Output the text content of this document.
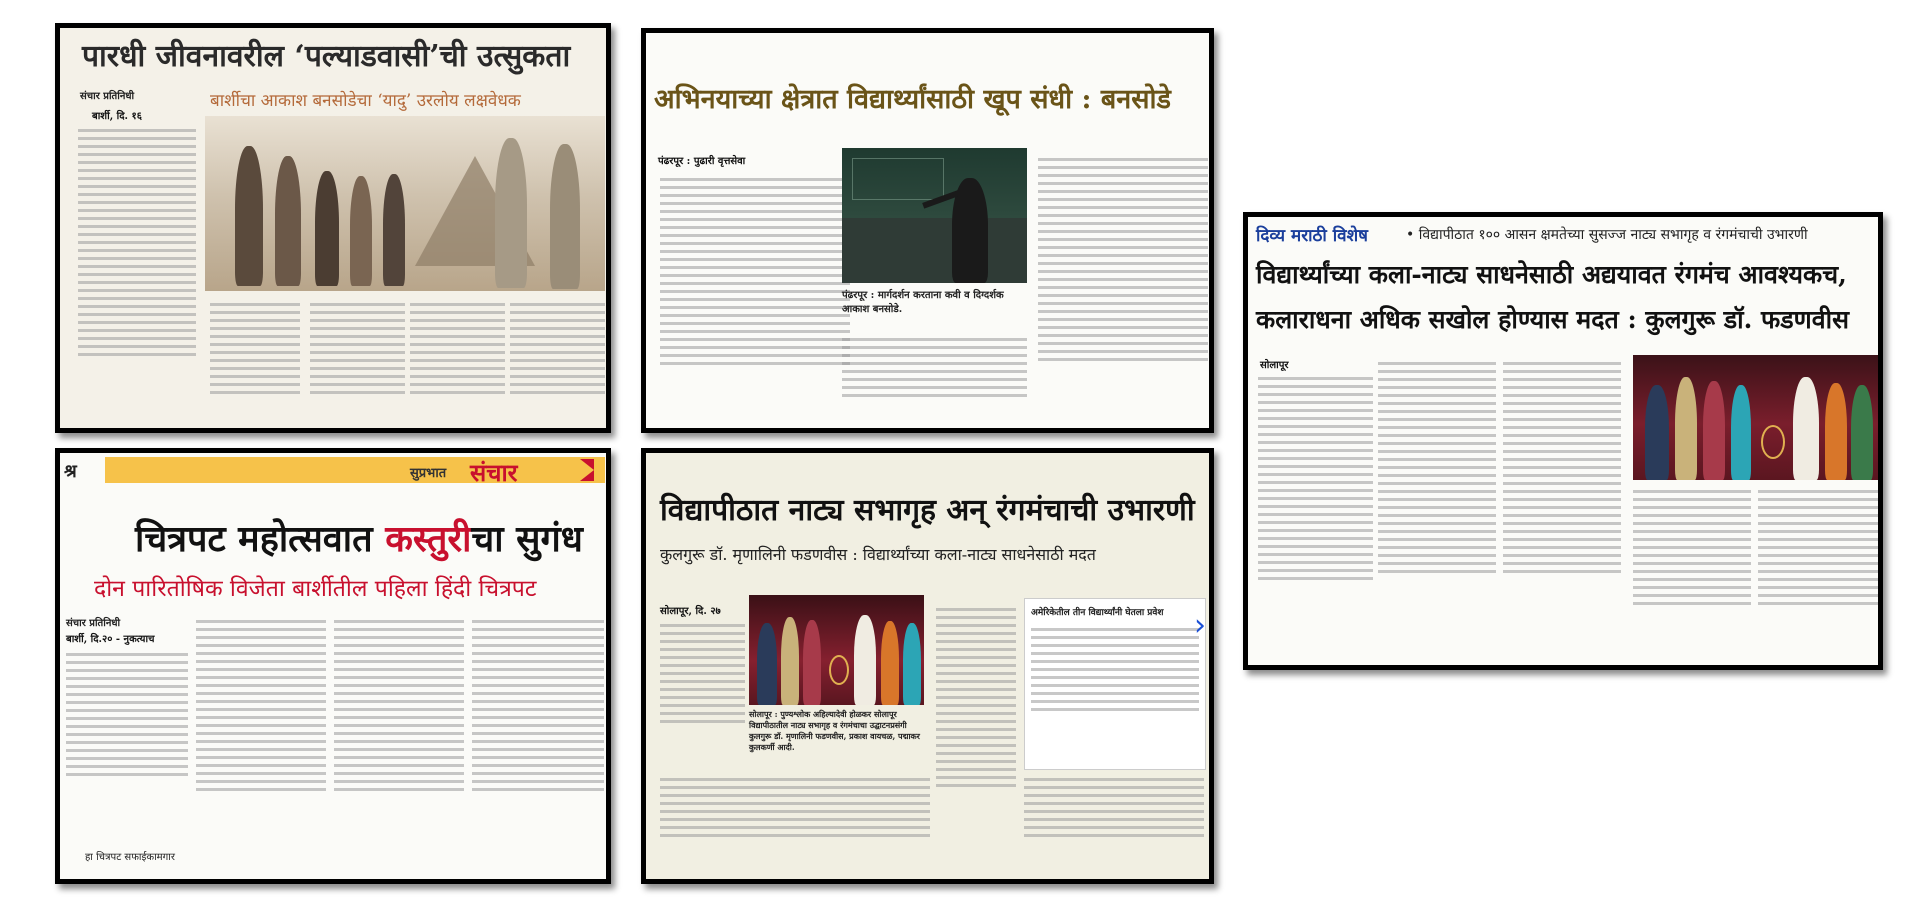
पारधी जीवनावरील ‘पल्याडवासी’ची उत्सुकता
संचार प्रतिनिधी	बार्शीचा आकाश बनसोडेचा ‘यादु’ उरलोय लक्षवेधक
बार्शी, दि. १६
अभिनयाच्या क्षेत्रात विद्यार्थ्यांसाठी खूप संधी : बनसोडे
पंढरपूर : पुढारी वृत्तसेवा
पंढरपूर : मार्गदर्शन करताना कवी व दिग्दर्शक आकाश बनसोडे.
दिव्य मराठी विशेष	• विद्यापीठात १०० आसन क्षमतेच्या सुसज्ज नाट्य सभागृह व रंगमंचाची उभारणी
विद्यार्थ्यांच्या कला-नाट्य साधनेसाठी अद्ययावत रंगमंच आवश्यकच,
कलाराधना अधिक सखोल होण्यास मदत : कुलगुरू डॉ. फडणवीस
सोलापूर
श्र	सुप्रभात संचार
चित्रपट महोत्सवात कस्तुरीचा सुगंध
दोन पारितोषिक विजेता बार्शीतील पहिला हिंदी चित्रपट
संचार प्रतिनिधी
बार्शी, दि.२० - नुकत्याच
हा चित्रपट सफाईकामगार
विद्यापीठात नाट्य सभागृह अन् रंगमंचाची उभारणी
कुलगुरू डॉ. मृणालिनी फडणवीस : विद्यार्थ्यांच्या कला-नाट्य साधनेसाठी मदत
सोलापूर, दि. २७
सोलापूर : पुण्यश्लोक अहिल्यादेवी होळकर सोलापूर विद्यापीठातील नाट्य सभागृह व रंगमंचाचा उद्घाटनप्रसंगी कुलगुरू डॉ. मृणालिनी फडणवीस, प्रकाश वायचळ, पद्माकर कुलकर्णी आदी.
अमेरिकेतील तीन विद्यार्थ्यांनी घेतला प्रवेश ›
